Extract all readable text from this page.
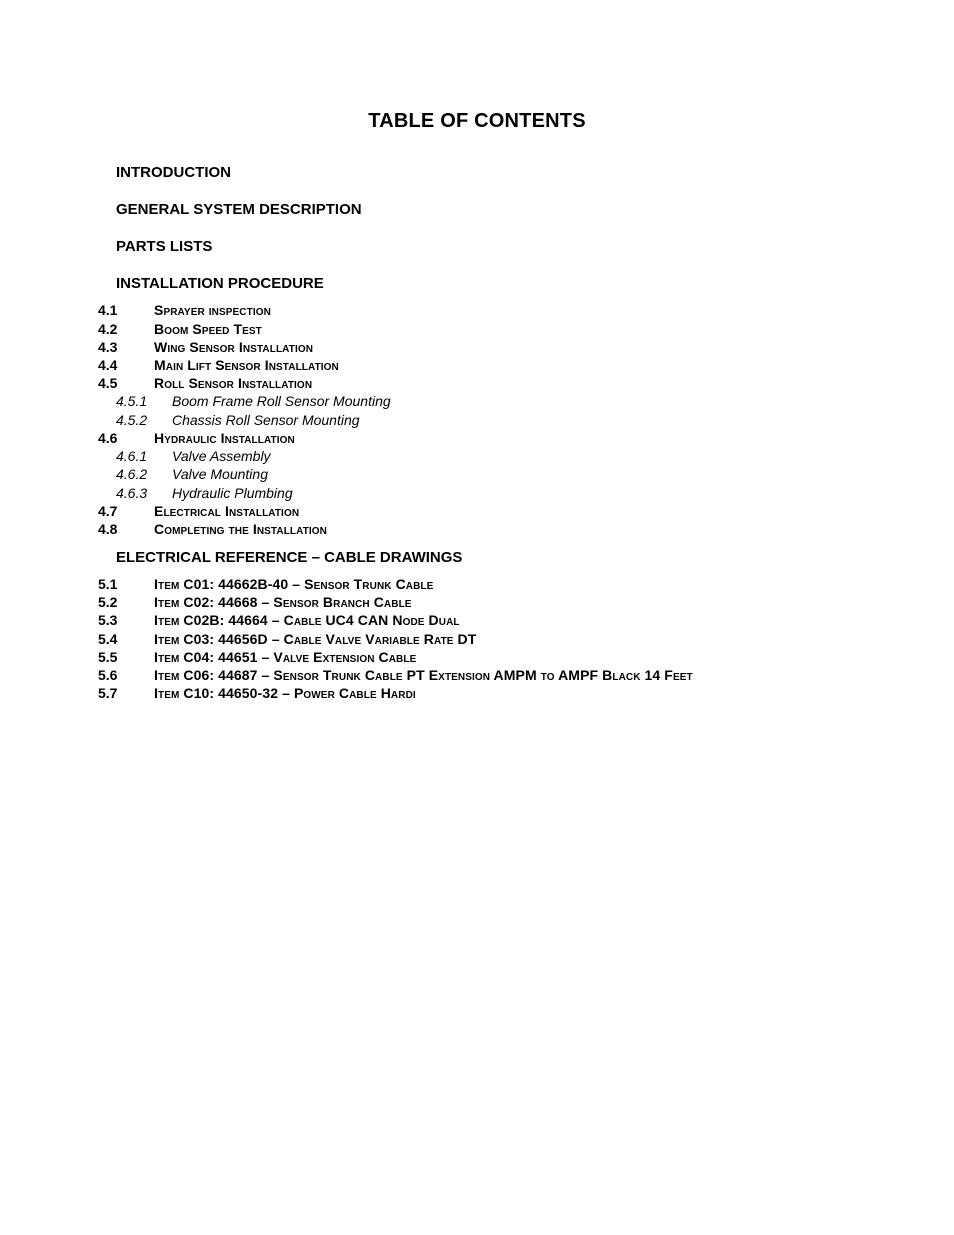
TABLE OF CONTENTS
INTRODUCTION
GENERAL SYSTEM DESCRIPTION
PARTS LISTS
INSTALLATION PROCEDURE
4.1	Sprayer inspection
4.2	Boom Speed Test
4.3	Wing Sensor Installation
4.4	Main Lift Sensor Installation
4.5	Roll Sensor Installation
4.5.1 Boom Frame Roll Sensor Mounting
4.5.2 Chassis Roll Sensor Mounting
4.6	Hydraulic Installation
4.6.1 Valve Assembly
4.6.2 Valve Mounting
4.6.3 Hydraulic Plumbing
4.7	Electrical Installation
4.8	Completing the Installation
ELECTRICAL REFERENCE – CABLE DRAWINGS
5.1	Item C01: 44662B-40 – Sensor Trunk Cable
5.2	Item C02: 44668 – Sensor Branch Cable
5.3	Item C02B: 44664 – Cable UC4 CAN Node Dual
5.4	Item C03: 44656D – Cable Valve Variable Rate DT
5.5	Item C04: 44651 – Valve Extension Cable
5.6	Item C06: 44687 – Sensor Trunk Cable PT Extension AMPM to AMPF Black 14 Feet
5.7	Item C10: 44650-32 – Power Cable Hardi
